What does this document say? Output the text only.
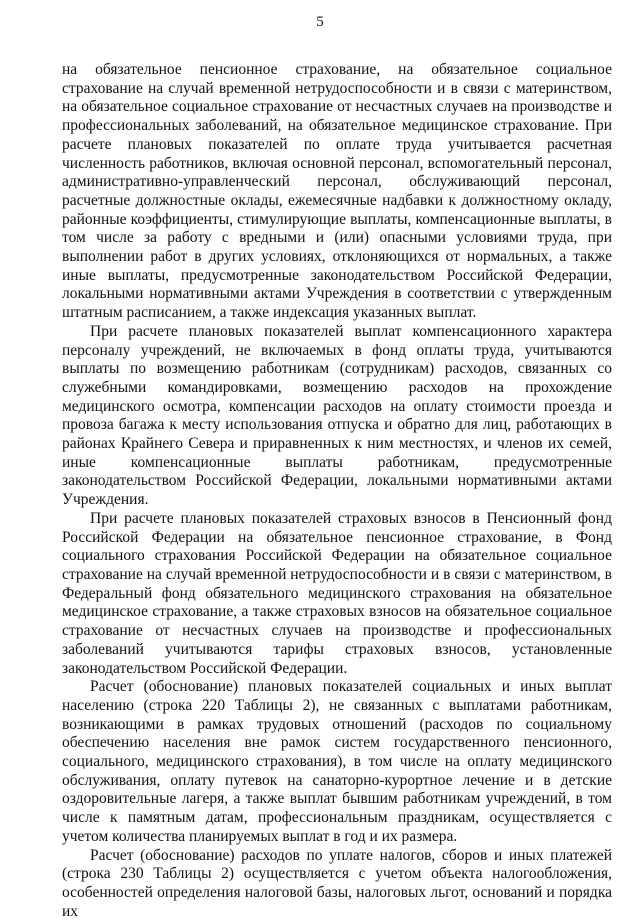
5

на обязательное пенсионное страхование, на обязательное социальное страхование на случай временной нетрудоспособности и в связи с материнством, на обязательное социальное страхование от несчастных случаев на производстве и профессиональных заболеваний, на обязательное медицинское страхование. При расчете плановых показателей по оплате труда учитывается расчетная численность работников, включая основной персонал, вспомогательный персонал, административно-управленческий персонал, обслуживающий персонал, расчетные должностные оклады, ежемесячные надбавки к должностному окладу, районные коэффициенты, стимулирующие выплаты, компенсационные выплаты, в том числе за работу с вредными и (или) опасными условиями труда, при выполнении работ в других условиях, отклоняющихся от нормальных, а также иные выплаты, предусмотренные законодательством Российской Федерации, локальными нормативными актами Учреждения в соответствии с утвержденным штатным расписанием, а также индексация указанных выплат.

При расчете плановых показателей выплат компенсационного характера персоналу учреждений, не включаемых в фонд оплаты труда, учитываются выплаты по возмещению работникам (сотрудникам) расходов, связанных со служебными командировками, возмещению расходов на прохождение медицинского осмотра, компенсации расходов на оплату стоимости проезда и провоза багажа к месту использования отпуска и обратно для лиц, работающих в районах Крайнего Севера и приравненных к ним местностях, и членов их семей, иные компенсационные выплаты работникам, предусмотренные законодательством Российской Федерации, локальными нормативными актами Учреждения.

При расчете плановых показателей страховых взносов в Пенсионный фонд Российской Федерации на обязательное пенсионное страхование, в Фонд социального страхования Российской Федерации на обязательное социальное страхование на случай временной нетрудоспособности и в связи с материнством, в Федеральный фонд обязательного медицинского страхования на обязательное медицинское страхование, а также страховых взносов на обязательное социальное страхование от несчастных случаев на производстве и профессиональных заболеваний учитываются тарифы страховых взносов, установленные законодательством Российской Федерации.

Расчет (обоснование) плановых показателей социальных и иных выплат населению (строка 220 Таблицы 2), не связанных с выплатами работникам, возникающими в рамках трудовых отношений (расходов по социальному обеспечению населения вне рамок систем государственного пенсионного, социального, медицинского страхования), в том числе на оплату медицинского обслуживания, оплату путевок на санаторно-курортное лечение и в детские оздоровительные лагеря, а также выплат бывшим работникам учреждений, в том числе к памятным датам, профессиональным праздникам, осуществляется с учетом количества планируемых выплат в год и их размера.

Расчет (обоснование) расходов по уплате налогов, сборов и иных платежей (строка 230 Таблицы 2) осуществляется с учетом объекта налогообложения, особенностей определения налоговой базы, налоговых льгот, оснований и порядка их
